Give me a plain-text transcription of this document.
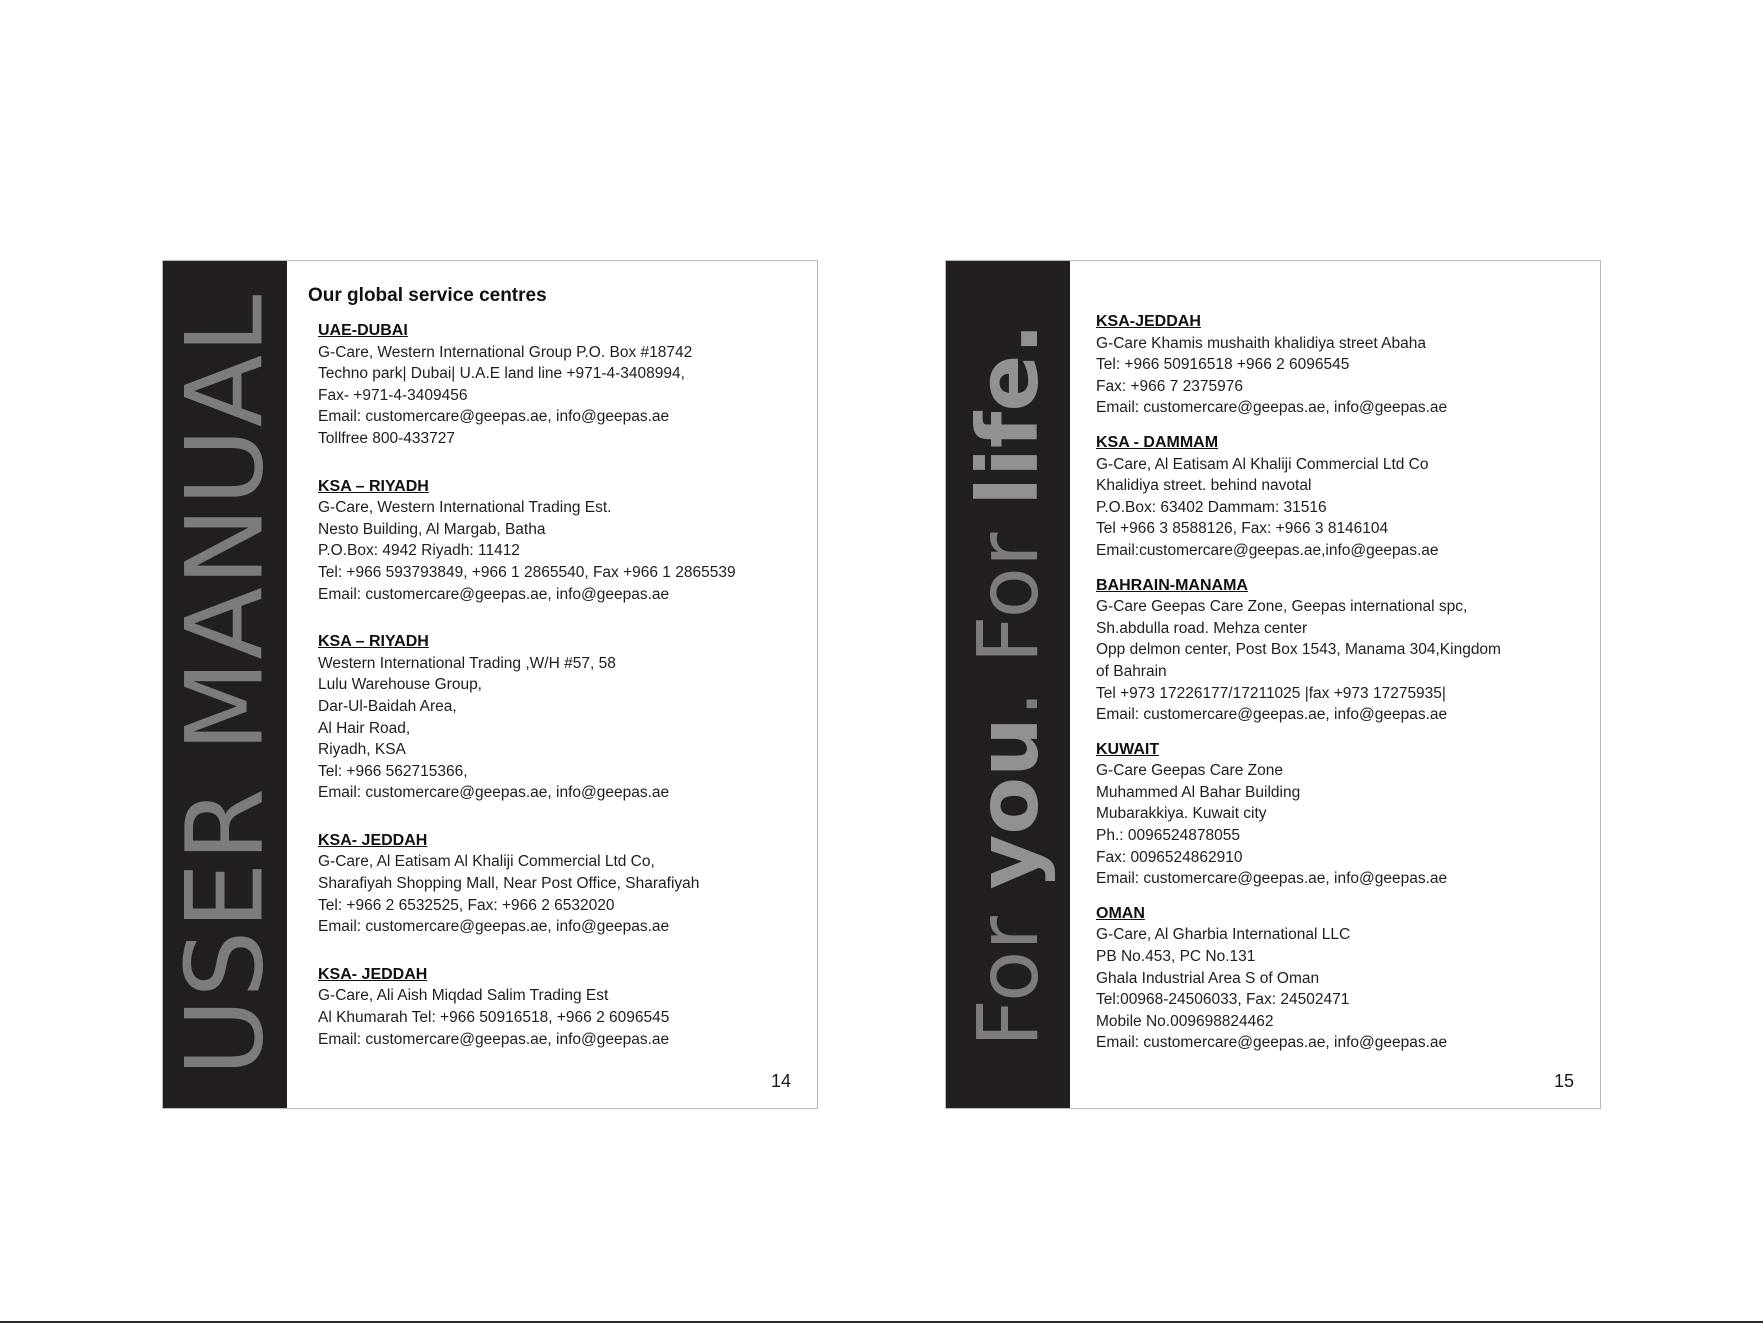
USER MANUAL Our global service centres
UAE-DUBAI
G-Care, Western International Group P.O. Box #18742
Techno park| Dubai| U.A.E land line +971-4-3408994,
Fax- +971-4-3409456
Email: customercare@geepas.ae, info@geepas.ae
Tollfree 800-433727
KSA – RIYADH
G-Care, Western International Trading Est.
Nesto Building, Al Margab, Batha
P.O.Box: 4942 Riyadh: 11412
Tel: +966 593793849, +966 1 2865540, Fax +966 1 2865539
Email: customercare@geepas.ae, info@geepas.ae
KSA – RIYADH
Western International Trading ,W/H #57, 58
Lulu Warehouse Group,
Dar-Ul-Baidah Area,
Al Hair Road,
Riyadh, KSA
Tel: +966 562715366,
Email: customercare@geepas.ae, info@geepas.ae
KSA- JEDDAH
G-Care, Al Eatisam Al Khaliji Commercial Ltd Co,
Sharafiyah Shopping Mall, Near Post Office, Sharafiyah
Tel: +966 2 6532525, Fax: +966 2 6532020
Email: customercare@geepas.ae, info@geepas.ae
KSA- JEDDAH
G-Care, Ali Aish Miqdad Salim Trading Est
Al Khumarah Tel: +966 50916518, +966 2 6096545
Email: customercare@geepas.ae, info@geepas.ae
14
For you. For life.
KSA-JEDDAH
G-Care Khamis mushaith khalidiya street Abaha
Tel: +966 50916518 +966 2 6096545
Fax: +966 7 2375976
Email: customercare@geepas.ae, info@geepas.ae
KSA - DAMMAM
G-Care, Al Eatisam Al Khaliji Commercial Ltd Co
Khalidiya street. behind navotal
P.O.Box: 63402 Dammam: 31516
Tel +966 3 8588126, Fax: +966 3 8146104
Email:customercare@geepas.ae,info@geepas.ae
BAHRAIN-MANAMA
G-Care Geepas Care Zone, Geepas international spc,
Sh.abdulla road. Mehza center
Opp delmon center, Post Box 1543, Manama 304,Kingdom
of Bahrain
Tel +973 17226177/17211025 |fax +973 17275935|
Email: customercare@geepas.ae, info@geepas.ae
KUWAIT
G-Care Geepas Care Zone
Muhammed Al Bahar Building
Mubarakkiya. Kuwait city
Ph.: 0096524878055
Fax: 0096524862910
Email: customercare@geepas.ae, info@geepas.ae
OMAN
G-Care, Al Gharbia International LLC
PB No.453, PC No.131
Ghala Industrial Area S of Oman
Tel:00968-24506033, Fax: 24502471
Mobile No.009698824462
Email: customercare@geepas.ae, info@geepas.ae
15
